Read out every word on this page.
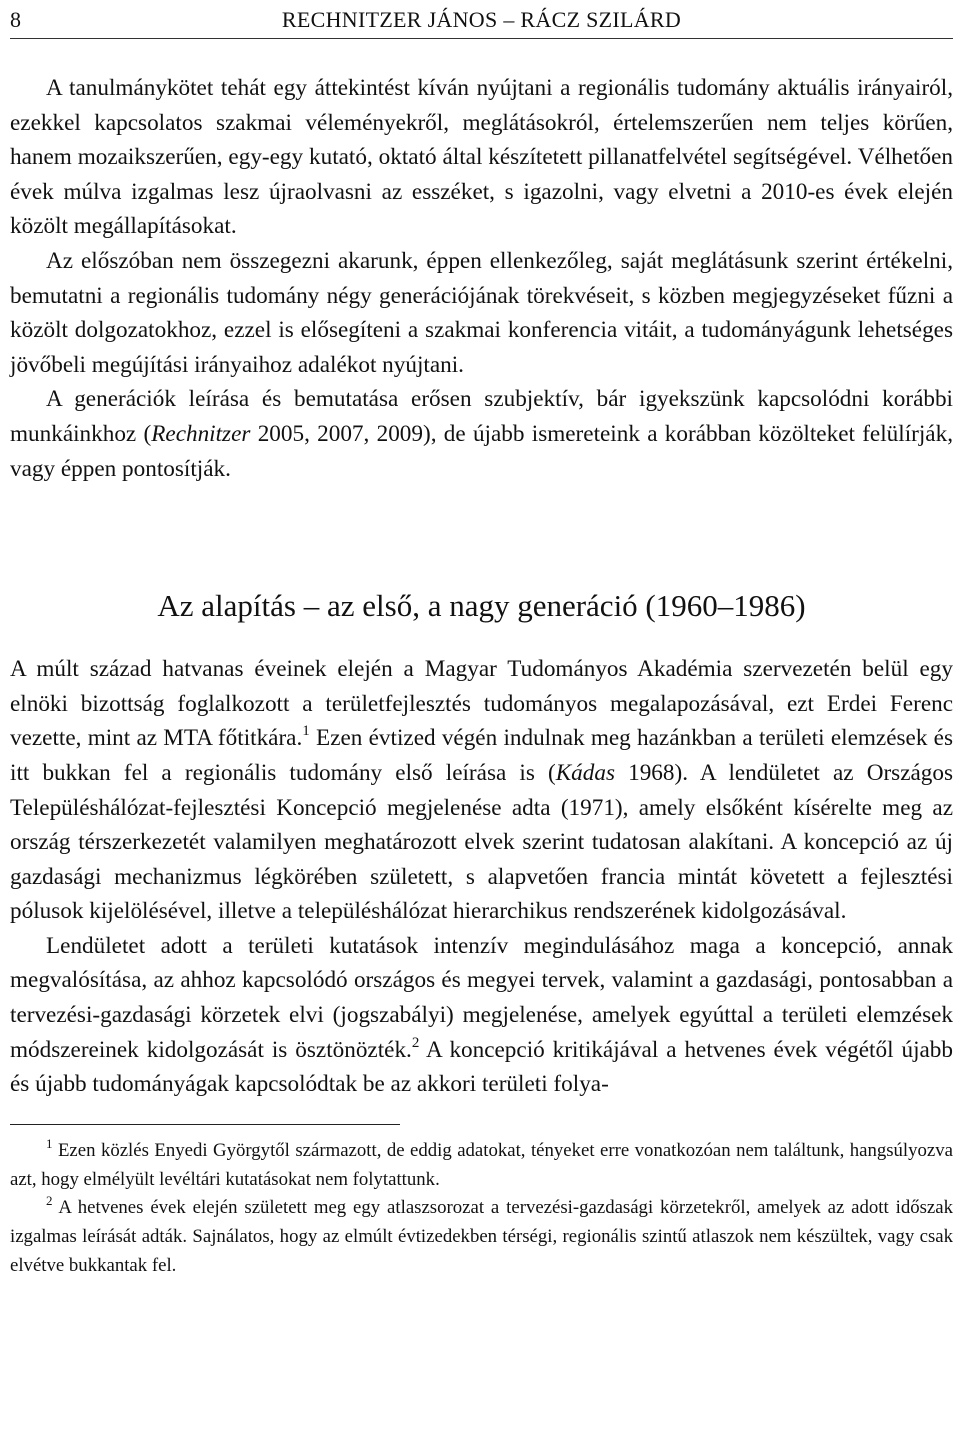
8	RECHNITZER JÁNOS – RÁCZ SZILÁRD

A tanulmánykötet tehát egy áttekintést kíván nyújtani a regionális tudomány aktuális irányairól, ezekkel kapcsolatos szakmai véleményekről, meglátásokról, értelemszerűen nem teljes körűen, hanem mozaikszerűen, egy-egy kutató, oktató által készítetett pillanatfelvétel segítségével. Vélhetően évek múlva izgalmas lesz újraolvasni az esszéket, s igazolni, vagy elvetni a 2010-es évek elején közölt megállapításokat.

Az előszóban nem összegezni akarunk, éppen ellenkezőleg, saját meglátásunk szerint értékelni, bemutatni a regionális tudomány négy generációjának törekvéseit, s közben megjegyzéseket fűzni a közölt dolgozatokhoz, ezzel is elősegíteni a szakmai konferencia vitáit, a tudományágunk lehetséges jövőbeli megújítási irányaihoz adalékot nyújtani.

A generációk leírása és bemutatása erősen szubjektív, bár igyekszünk kapcsolódni korábbi munkáinkhoz (Rechnitzer 2005, 2007, 2009), de újabb ismereteink a korábban közölteket felülírják, vagy éppen pontosítják.

Az alapítás – az első, a nagy generáció (1960–1986)

A múlt század hatvanas éveinek elején a Magyar Tudományos Akadémia szervezetén belül egy elnöki bizottság foglalkozott a területfejlesztés tudományos megalapozásával, ezt Erdei Ferenc vezette, mint az MTA főtitkára.$^1$ Ezen évtized végén indulnak meg hazánkban a területi elemzések és itt bukkan fel a regionális tudomány első leírása is (Kádas 1968). A lendületet az Országos Településhálózat-fejlesztési Koncepció megjelenése adta (1971), amely elsőként kísérelte meg az ország térszerkezetét valamilyen meghatározott elvek szerint tudatosan alakítani. A koncepció az új gazdasági mechanizmus légkörében született, s alapvetően francia mintát követett a fejlesztési pólusok kijelölésével, illetve a településhálózat hierarchikus rendszerének kidolgozásával.

Lendületet adott a területi kutatások intenzív megindulásához maga a koncepció, annak megvalósítása, az ahhoz kapcsolódó országos és megyei tervek, valamint a gazdasági, pontosabban a tervezési-gazdasági körzetek elvi (jogszabályi) megjelenése, amelyek egyúttal a területi elemzések módszereinek kidolgozását is ösztönözték.$^2$ A koncepció kritikájával a hetvenes évek végétől újabb és újabb tudományágak kapcsolódtak be az akkori területi folya-

$^1$ Ezen közlés Enyedi Györgytől származott, de eddig adatokat, tényeket erre vonatkozóan nem találtunk, hangsúlyozva azt, hogy elmélyült levéltári kutatásokat nem folytattunk.

$^2$ A hetvenes évek elején született meg egy atlaszsorozat a tervezési-gazdasági körzetekről, amelyek az adott időszak izgalmas leírását adták. Sajnálatos, hogy az elmúlt évtizedekben térségi, regionális szintű atlaszok nem készültek, vagy csak elvétve bukkantak fel.
